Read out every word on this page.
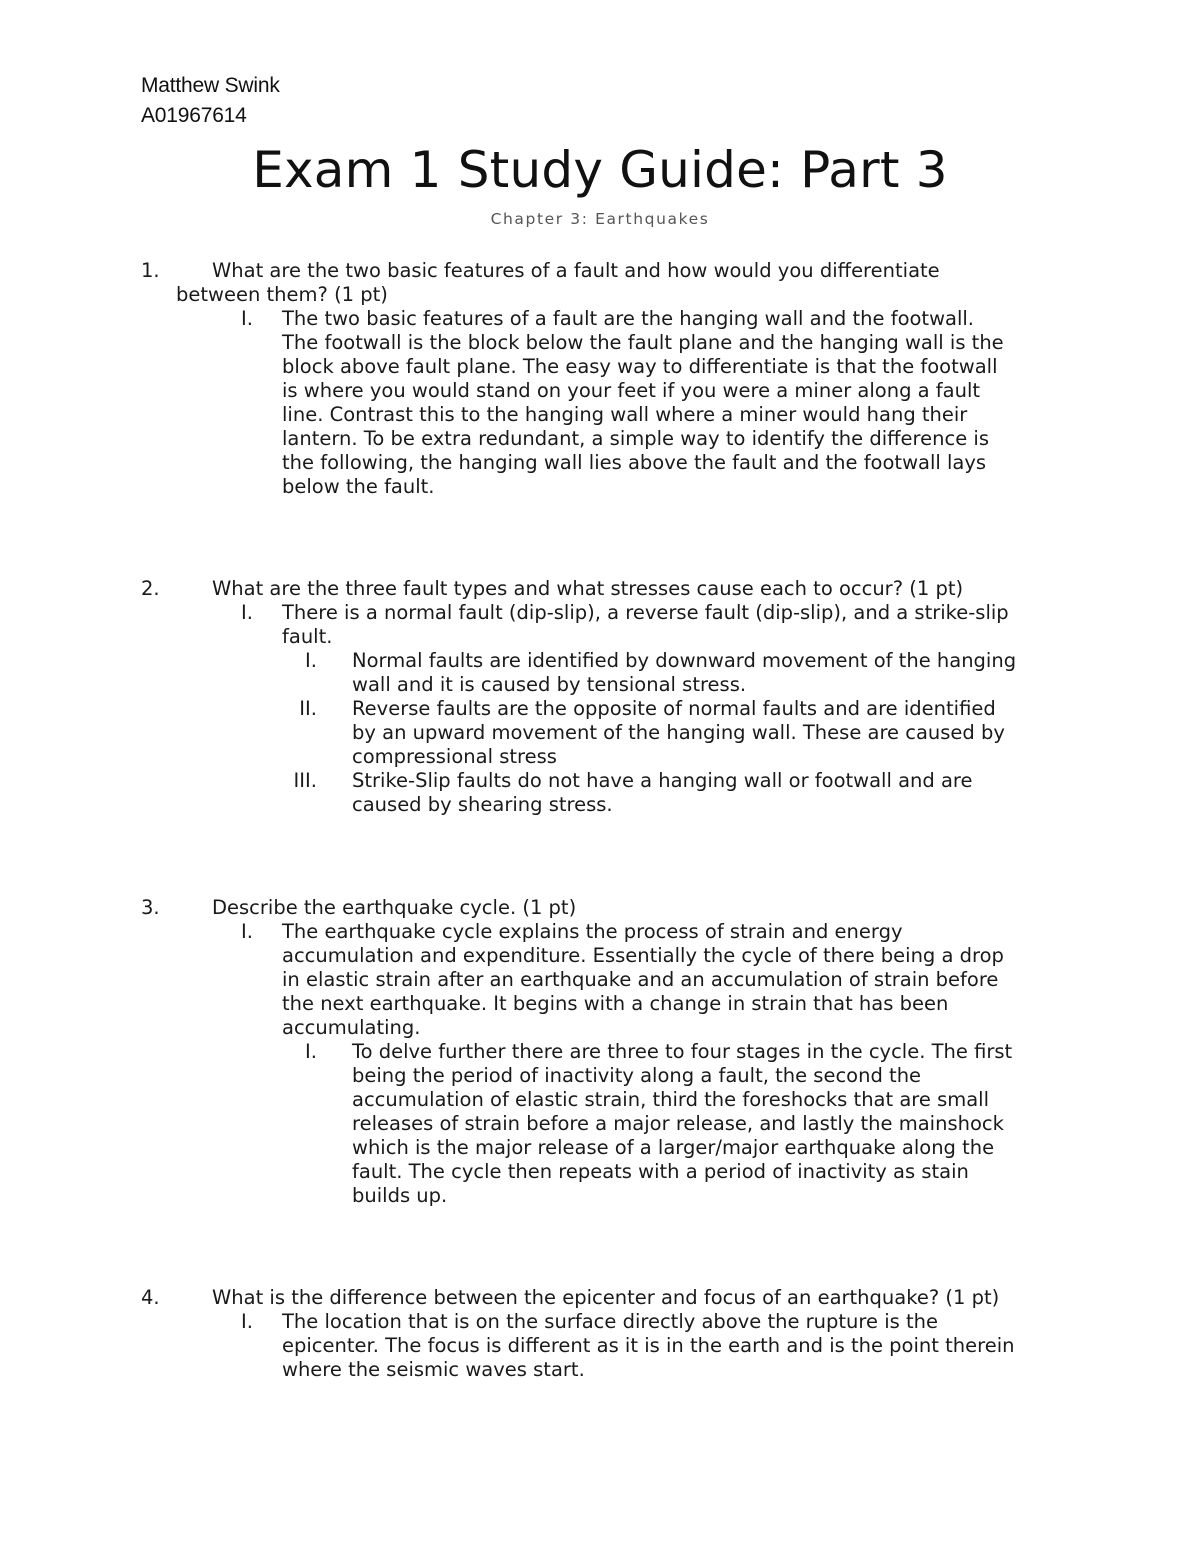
Matthew Swink
A01967614
Exam 1 Study Guide: Part 3
Chapter 3: Earthquakes
1.	What are the two basic features of a fault and how would you differentiate
between them? (1 pt)
I. The two basic features of a fault are the hanging wall and the footwall.
The footwall is the block below the fault plane and the hanging wall is the
block above fault plane. The easy way to differentiate is that the footwall
is where you would stand on your feet if you were a miner along a fault
line. Contrast this to the hanging wall where a miner would hang their
lantern. To be extra redundant, a simple way to identify the difference is
the following, the hanging wall lies above the fault and the footwall lays
below the fault.
2.	What are the three fault types and what stresses cause each to occur? (1 pt)
I. There is a normal fault (dip-slip), a reverse fault (dip-slip), and a strike-slip
fault.
I. Normal faults are identified by downward movement of the hanging
wall and it is caused by tensional stress.
II. Reverse faults are the opposite of normal faults and are identified
by an upward movement of the hanging wall. These are caused by
compressional stress
III. Strike-Slip faults do not have a hanging wall or footwall and are
caused by shearing stress.
3.	Describe the earthquake cycle. (1 pt)
I. The earthquake cycle explains the process of strain and energy
accumulation and expenditure. Essentially the cycle of there being a drop
in elastic strain after an earthquake and an accumulation of strain before
the next earthquake. It begins with a change in strain that has been
accumulating.
I. To delve further there are three to four stages in the cycle. The first
being the period of inactivity along a fault, the second the
accumulation of elastic strain, third the foreshocks that are small
releases of strain before a major release, and lastly the mainshock
which is the major release of a larger/major earthquake along the
fault. The cycle then repeats with a period of inactivity as stain
builds up.
4.	What is the difference between the epicenter and focus of an earthquake? (1 pt)
I. The location that is on the surface directly above the rupture is the
epicenter. The focus is different as it is in the earth and is the point therein
where the seismic waves start.
